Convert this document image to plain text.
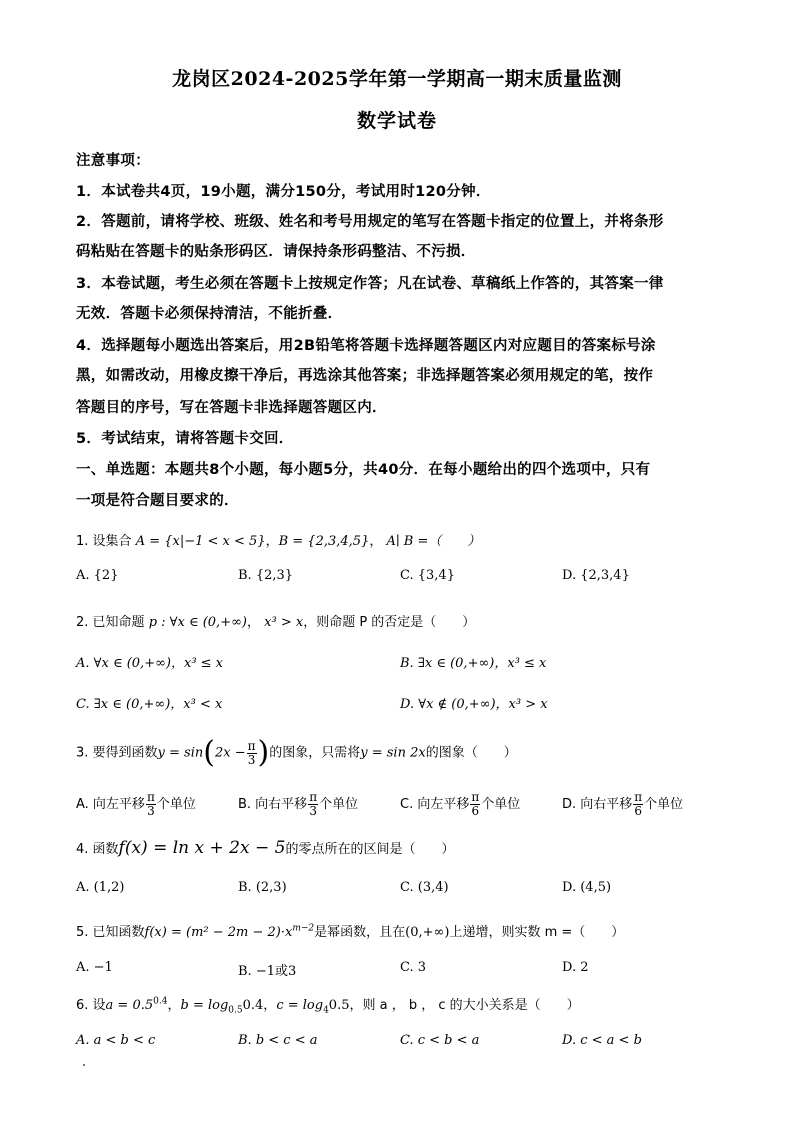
龙岗区2024-2025学年第一学期高一期末质量监测
数学试卷
注意事项：
1．本试卷共4页，19小题，满分150分，考试用时120分钟．
2．答题前，请将学校、班级、姓名和考号用规定的笔写在答题卡指定的位置上，并将条形
码粘贴在答题卡的贴条形码区．请保持条形码整洁、不污损．
3．本卷试题，考生必须在答题卡上按规定作答；凡在试卷、草稿纸上作答的，其答案一律
无效．答题卡必须保持清洁，不能折叠．
4．选择题每小题选出答案后，用2B铅笔将答题卡选择题答题区内对应题目的答案标号涂
黑，如需改动，用橡皮擦干净后，再选涂其他答案；非选择题答案必须用规定的笔，按作
答题目的序号，写在答题卡非选择题答题区内．
5．考试结束，请将答题卡交回．
一、单选题：本题共8个小题，每小题5分，共40分．在每小题给出的四个选项中，只有
一项是符合题目要求的．
1. 设集合 A = {x|−1 < x < 5}，B = {2,3,4,5}， A∣ B =（　　）
A. {2}	B. {2,3}	C. {3,4}	D. {2,3,4}
2. 已知命题 p : ∀x ∈ (0,+∞)， x³ > x，则命题 P 的否定是（　　）
A. ∀x ∈ (0,+∞)，x³ ≤ x	B. ∃x ∈ (0,+∞)，x³ ≤ x
C. ∃x ∈ (0,+∞)，x³ < x	D. ∀x ∉ (0,+∞)，x³ > x
3. 要得到函数$y = \sin(2x - \frac{\pi}{3}$ )的图象，只需将y = sin 2x的图象（　　）
A. 向左平移 $\frac{\pi}{3}$ 个单位	B. 向右平移 $\frac{\pi}{3}$ 个单位	C. 向左平移 $\frac{\pi}{6}$ 个单位	D. 向右平移 $\frac{\pi}{6}$ 个单位
4. 函数f(x) = ln x + 2x − 5的零点所在的区间是（　　）
A. (1,2)	B. (2,3)	C. (3,4)	D. (4,5)
5. 已知函数$f(x) = (m^2 - 2m - 2)\cdot x^{m-2}$是幂函数，且在(0,+∞)上递增，则实数 m =（　　）
A. −1	B. −1或3	C. 3	D. 2
6. 设$a = 0.5^{0.4}$，$b = \log_{0.5}0.4$，$c = \log_40.5$，则 a ， b ， c 的大小关系是（　　）
A. a < b < c	B. b < c < a	C. c < b < a	D. c < a < b
